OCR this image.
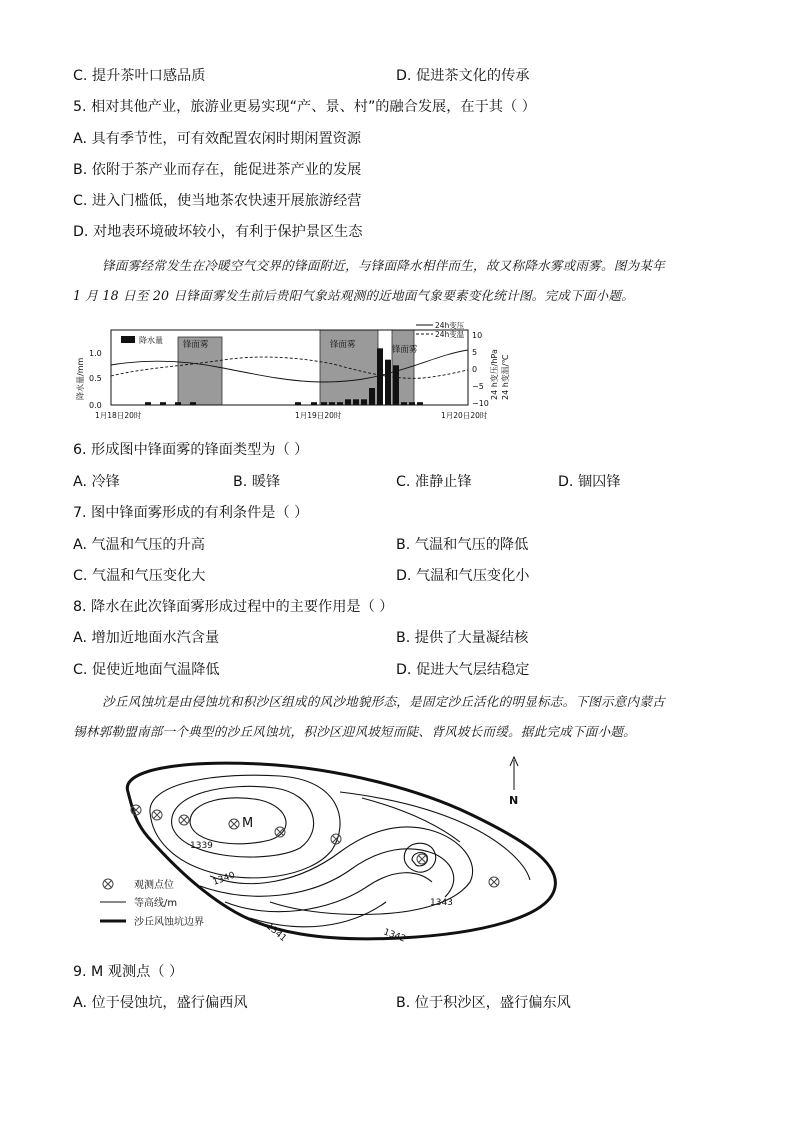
C. 提升茶叶口感品质	D. 促进茶文化的传承
5. 相对其他产业，旅游业更易实现“产、景、村”的融合发展，在于其（ ）
A. 具有季节性，可有效配置农闲时期闲置资源
B. 依附于茶产业而存在，能促进茶产业的发展
C. 进入门槛低，使当地茶农快速开展旅游经营
D. 对地表环境破坏较小，有利于保护景区生态
锋面雾经常发生在冷暖空气交界的锋面附近，与锋面降水相伴而生，故又称降水雾或雨雾。图为某年
1 月 18 日至 20 日锋面雾发生前后贵阳气象站观测的近地面气象要素变化统计图。完成下面小题。
锋面雾	锋面雾	锋面雾
1.0
0.5
0.0
降水量/mm
10
5
0
−5
−10
24 h变压/hPa 24 h变温/℃
降水量
24h变压
24h变温
1月18日20时	1月19日20时	1月20日20时
6. 形成图中锋面雾的锋面类型为（ ）
A. 冷锋	B. 暖锋	C. 准静止锋	D. 锢囚锋
7. 图中锋面雾形成的有利条件是（ ）
A. 气温和气压的升高	B. 气温和气压的降低
C. 气温和气压变化大	D. 气温和气压变化小
8. 降水在此次锋面雾形成过程中的主要作用是（ ）
A. 增加近地面水汽含量	B. 提供了大量凝结核
C. 促使近地面气温降低	D. 促进大气层结稳定
沙丘风蚀坑是由侵蚀坑和积沙区组成的风沙地貌形态，是固定沙丘活化的明显标志。下图示意内蒙古
锡林郭勒盟南部一个典型的沙丘风蚀坑，积沙区迎风坡短而陡、背风坡长而缓。据此完成下面小题。
1339
1340
1341	1342
1343
M
N
观测点位
等高线/m
沙丘风蚀坑边界
9. M 观测点（ ）
A. 位于侵蚀坑，盛行偏西风	B. 位于积沙区，盛行偏东风
